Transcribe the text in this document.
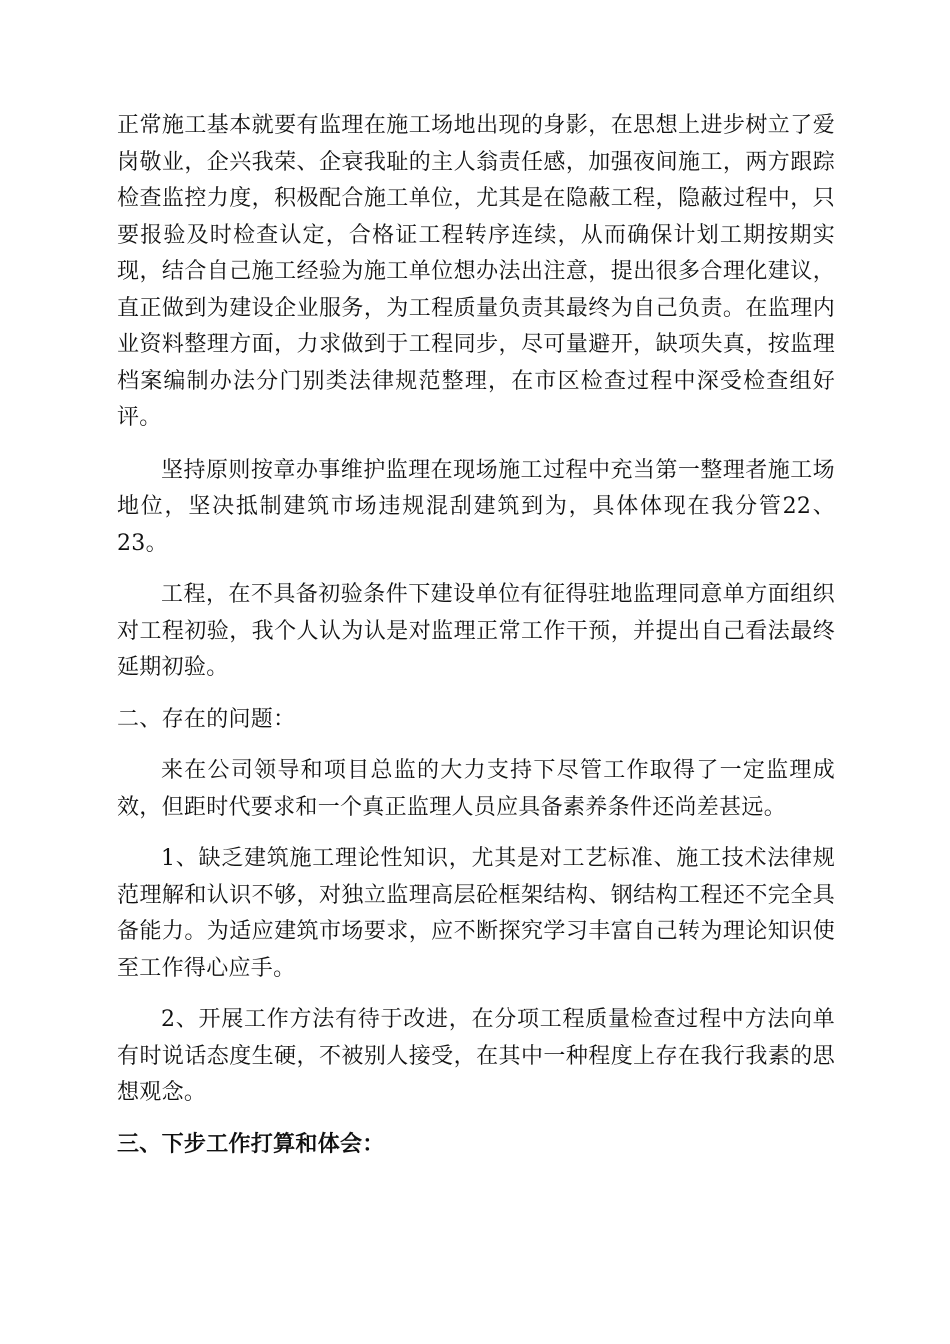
正常施工基本就要有监理在施工场地出现的身影，在思想上进步树立了爱岗敬业，企兴我荣、企衰我耻的主人翁责任感，加强夜间施工，两方跟踪检查监控力度，积极配合施工单位，尤其是在隐蔽工程，隐蔽过程中，只要报验及时检查认定，合格证工程转序连续，从而确保计划工期按期实现，结合自己施工经验为施工单位想办法出注意，提出很多合理化建议，直正做到为建设企业服务，为工程质量负责其最终为自己负责。在监理内业资料整理方面，力求做到于工程同步，尽可量避开，缺项失真，按监理档案编制办法分门别类法律规范整理，在市区检查过程中深受检查组好评。

坚持原则按章办事维护监理在现场施工过程中充当第一整理者施工场地位，坚决抵制建筑市场违规混刮建筑到为，具体体现在我分管22、23。

工程，在不具备初验条件下建设单位有征得驻地监理同意单方面组织对工程初验，我个人认为认是对监理正常工作干预，并提出自己看法最终延期初验。

二、存在的问题：

来在公司领导和项目总监的大力支持下尽管工作取得了一定监理成效，但距时代要求和一个真正监理人员应具备素养条件还尚差甚远。

1、缺乏建筑施工理论性知识，尤其是对工艺标准、施工技术法律规范理解和认识不够，对独立监理高层砼框架结构、钢结构工程还不完全具备能力。为适应建筑市场要求，应不断探究学习丰富自己转为理论知识使至工作得心应手。

2、开展工作方法有待于改进，在分项工程质量检查过程中方法向单有时说话态度生硬，不被别人接受，在其中一种程度上存在我行我素的思想观念。

三、下步工作打算和体会：
